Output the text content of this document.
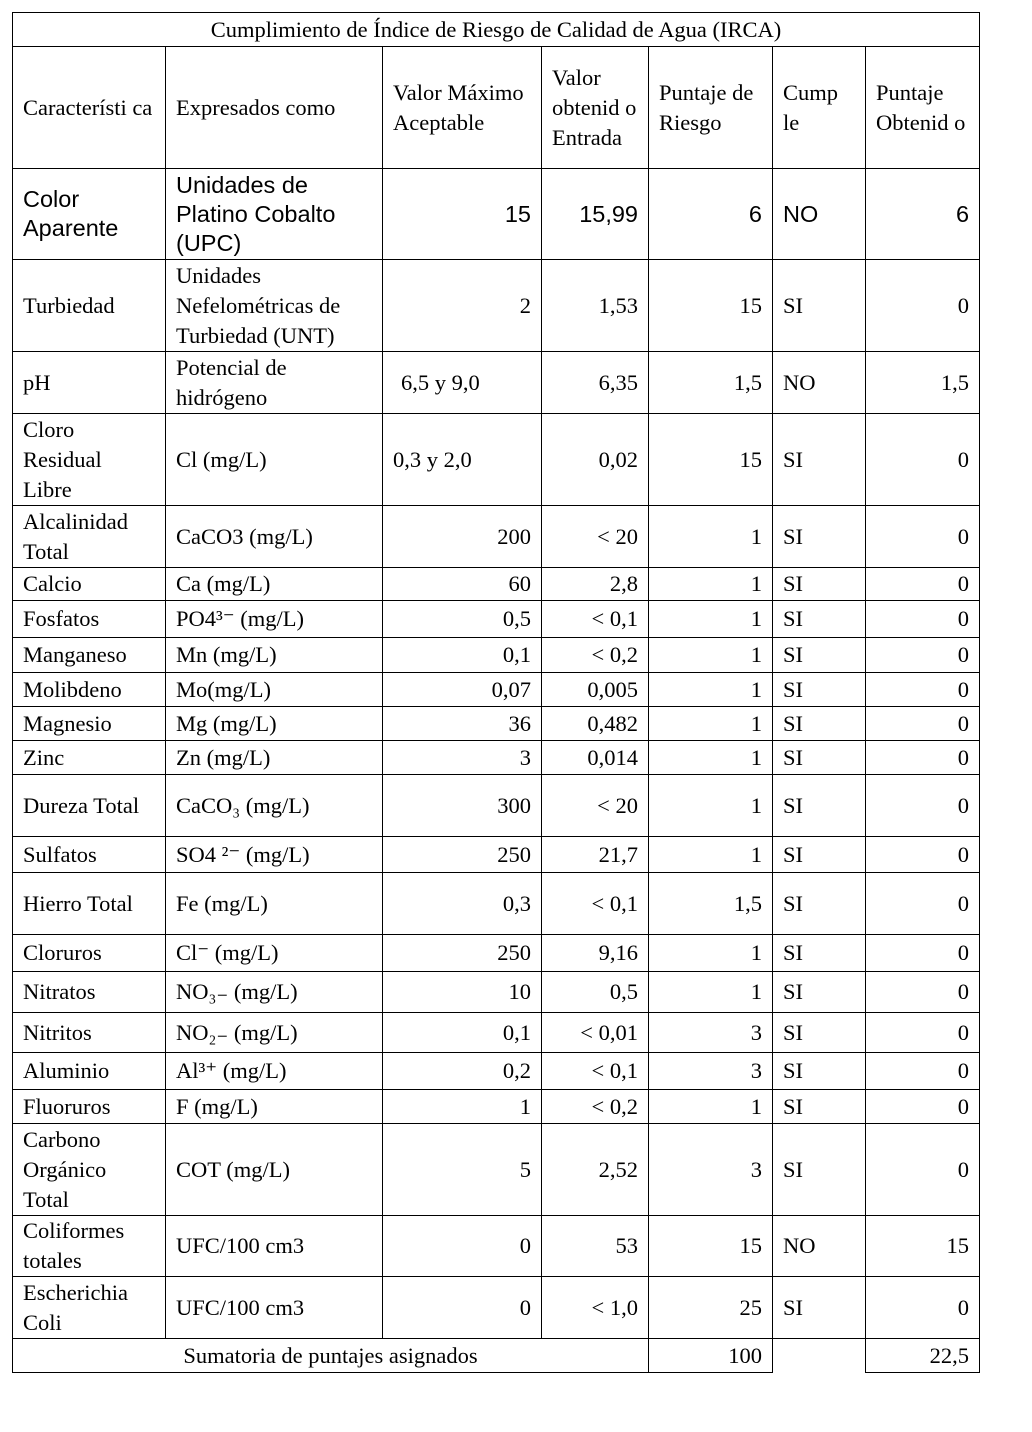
Cumplimiento de Índice de Riesgo de Calidad de Agua (IRCA)						
Característi ca	Expresados como	Valor Máximo Aceptable	Valor obtenid o Entrada	Puntaje de Riesgo	Cump le	Puntaje Obtenid o
Color Aparente	Unidades de Platino Cobalto (UPC)	15	15,99	6	NO	6
Turbiedad	Unidades Nefelométricas de Turbiedad (UNT)	2	1,53	15	SI	0
pH	Potencial de hidrógeno	6,5 y 9,0	6,35	1,5	NO	1,5
Cloro Residual Libre	Cl (mg/L)	0,3 y 2,0	0,02	15	SI	0
Alcalinidad Total	CaCO3 (mg/L)	200	< 20	1	SI	0
Calcio	Ca (mg/L)	60	2,8	1	SI	0
Fosfatos	PO4³⁻ (mg/L)	0,5	< 0,1	1	SI	0
Manganeso	Mn (mg/L)	0,1	< 0,2	1	SI	0
Molibdeno	Mo(mg/L)	0,07	0,005	1	SI	0
Magnesio	Mg (mg/L)	36	0,482	1	SI	0
Zinc	Zn (mg/L)	3	0,014	1	SI	0
Dureza Total	CaCO₃ (mg/L)	300	< 20	1	SI	0
Sulfatos	SO4 ²⁻ (mg/L)	250	21,7	1	SI	0
Hierro Total	Fe (mg/L)	0,3	< 0,1	1,5	SI	0
Cloruros	Cl⁻ (mg/L)	250	9,16	1	SI	0
Nitratos	NO₃₋ (mg/L)	10	0,5	1	SI	0
Nitritos	NO₂₋ (mg/L)	0,1	< 0,01	3	SI	0
Aluminio	Al³⁺ (mg/L)	0,2	< 0,1	3	SI	0
Fluoruros	F (mg/L)	1	< 0,2	1	SI	0
Carbono Orgánico Total	COT (mg/L)	5	2,52	3	SI	0
Coliformes totales	UFC/100 cm3	0	53	15	NO	15
Escherichia Coli	UFC/100 cm3	0	< 1,0	25	SI	0
Sumatoria de puntajes asignados				100		22,5
